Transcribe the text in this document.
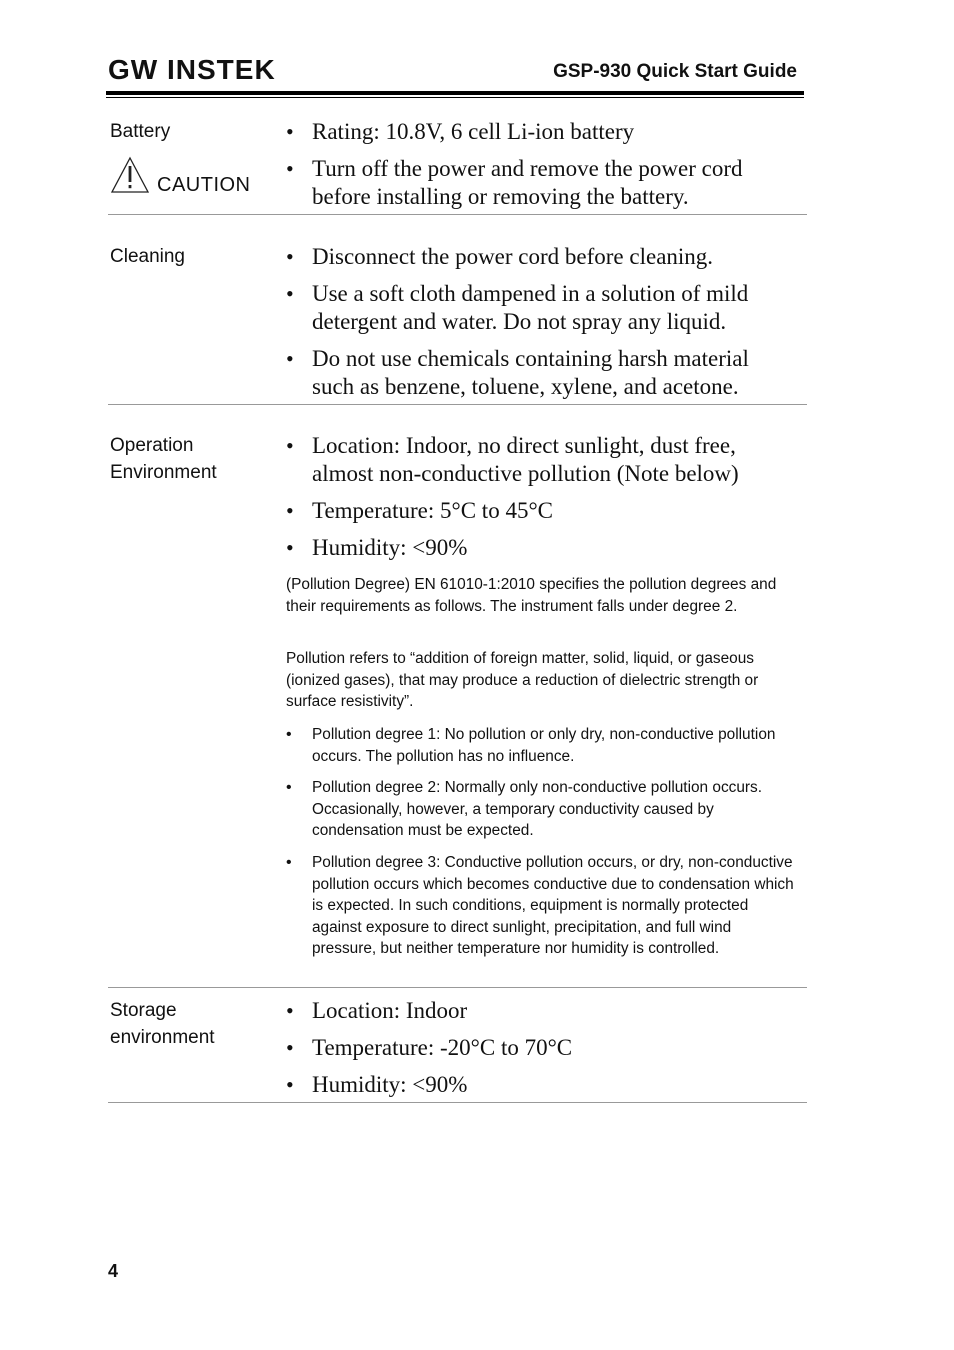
GW INSTEK	GSP-930 Quick Start Guide
Battery
CAUTION
• Rating: 10.8V, 6 cell Li-ion battery
• Turn off the power and remove the power cord before installing or removing the battery.
Cleaning
•	Disconnect the power cord before cleaning.
• Use a soft cloth dampened in a solution of mild detergent and water. Do not spray any liquid.
• Do not use chemicals containing harsh material such as benzene, toluene, xylene, and acetone.
Operation
Environment
• Location: Indoor, no direct sunlight, dust free, almost non-conductive pollution (Note below)
• Temperature: 5°C to 45°C
• Humidity: <90%

(Pollution Degree) EN 61010-1:2010 specifies the pollution degrees and their requirements as follows. The instrument falls under degree 2.

Pollution refers to “addition of foreign matter, solid, liquid, or gaseous (ionized gases), that may produce a reduction of dielectric strength or surface resistivity”.

• Pollution degree 1: No pollution or only dry, non-conductive pollution occurs. The pollution has no influence.
• Pollution degree 2: Normally only non-conductive pollution occurs. Occasionally, however, a temporary conductivity caused by condensation must be expected.
• Pollution degree 3: Conductive pollution occurs, or dry, non-conductive pollution occurs which becomes conductive due to condensation which is expected. In such conditions, equipment is normally protected against exposure to direct sunlight, precipitation, and full wind pressure, but neither temperature nor humidity is controlled.
Storage
environment
• Location: Indoor
• Temperature: -20°C to 70°C
• Humidity: <90%
4
